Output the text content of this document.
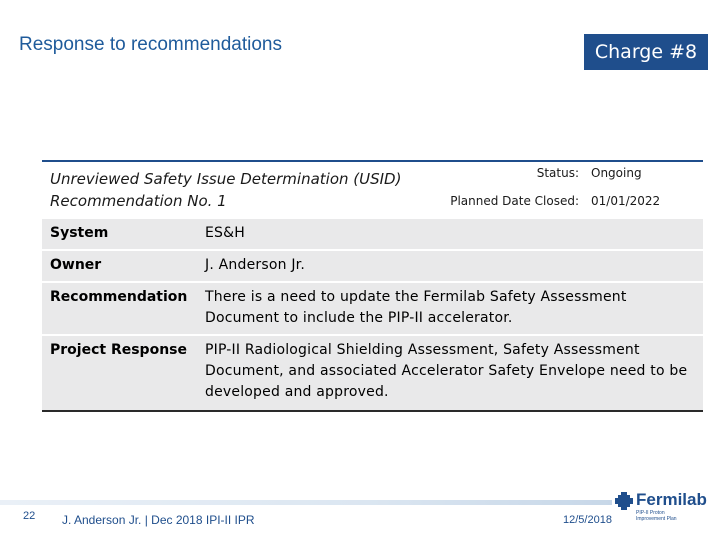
Response to recommendations	Charge #8
Unreviewed Safety Issue Determination (USID)
Recommendation No. 1
Status: Ongoing
Planned Date Closed: 01/01/2022
System	ES&H
Owner	J. Anderson Jr.
Recommendation	There is a need to update the Fermilab Safety Assessment Document to include the PIP-II accelerator.
Project Response	PIP-II Radiological Shielding Assessment, Safety Assessment Document, and associated Accelerator Safety Envelope need to be developed and approved.
22 J. Anderson Jr. | Dec 2018 IPI-II IPR	12/5/2018
Fermilab
PIP-II Proton Improvement Plan
